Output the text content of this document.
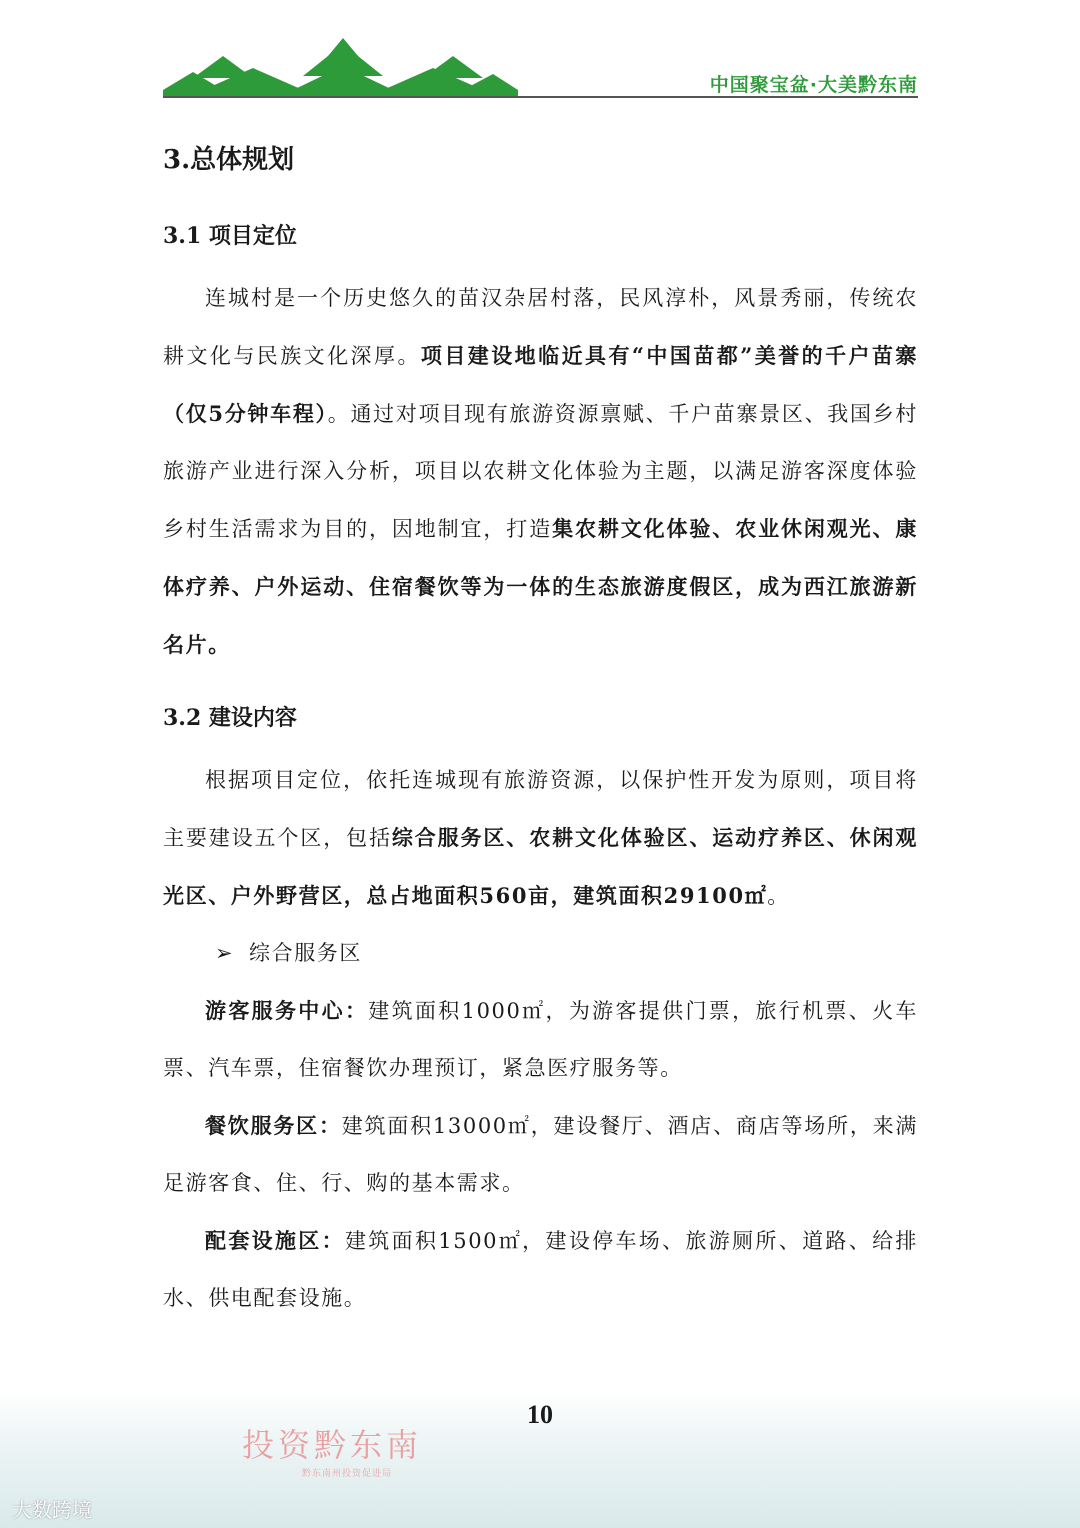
中国聚宝盆·大美黔东南
3.总体规划
3.1 项目定位

连城村是一个历史悠久的苗汉杂居村落，民风淳朴，风景秀丽，传统农耕文化与民族文化深厚。项目建设地临近具有“中国苗都”美誉的千户苗寨（仅5分钟车程）。通过对项目现有旅游资源禀赋、千户苗寨景区、我国乡村旅游产业进行深入分析，项目以农耕文化体验为主题，以满足游客深度体验乡村生活需求为目的，因地制宜，打造集农耕文化体验、农业休闲观光、康体疗养、户外运动、住宿餐饮等为一体的生态旅游度假区，成为西江旅游新名片。

3.2 建设内容

根据项目定位，依托连城现有旅游资源，以保护性开发为原则，项目将主要建设五个区，包括综合服务区、农耕文化体验区、运动疗养区、休闲观光区、户外野营区，总占地面积560亩，建筑面积29100㎡。

➢ 综合服务区

游客服务中心：建筑面积1000㎡，为游客提供门票，旅行机票、火车票、汽车票，住宿餐饮办理预订，紧急医疗服务等。

餐饮服务区：建筑面积13000㎡，建设餐厅、酒店、商店等场所，来满足游客食、住、行、购的基本需求。

配套设施区：建筑面积1500㎡，建设停车场、旅游厕所、道路、给排水、供电配套设施。

10
投资黔东南
黔东南州投资促进局
大数跨境
